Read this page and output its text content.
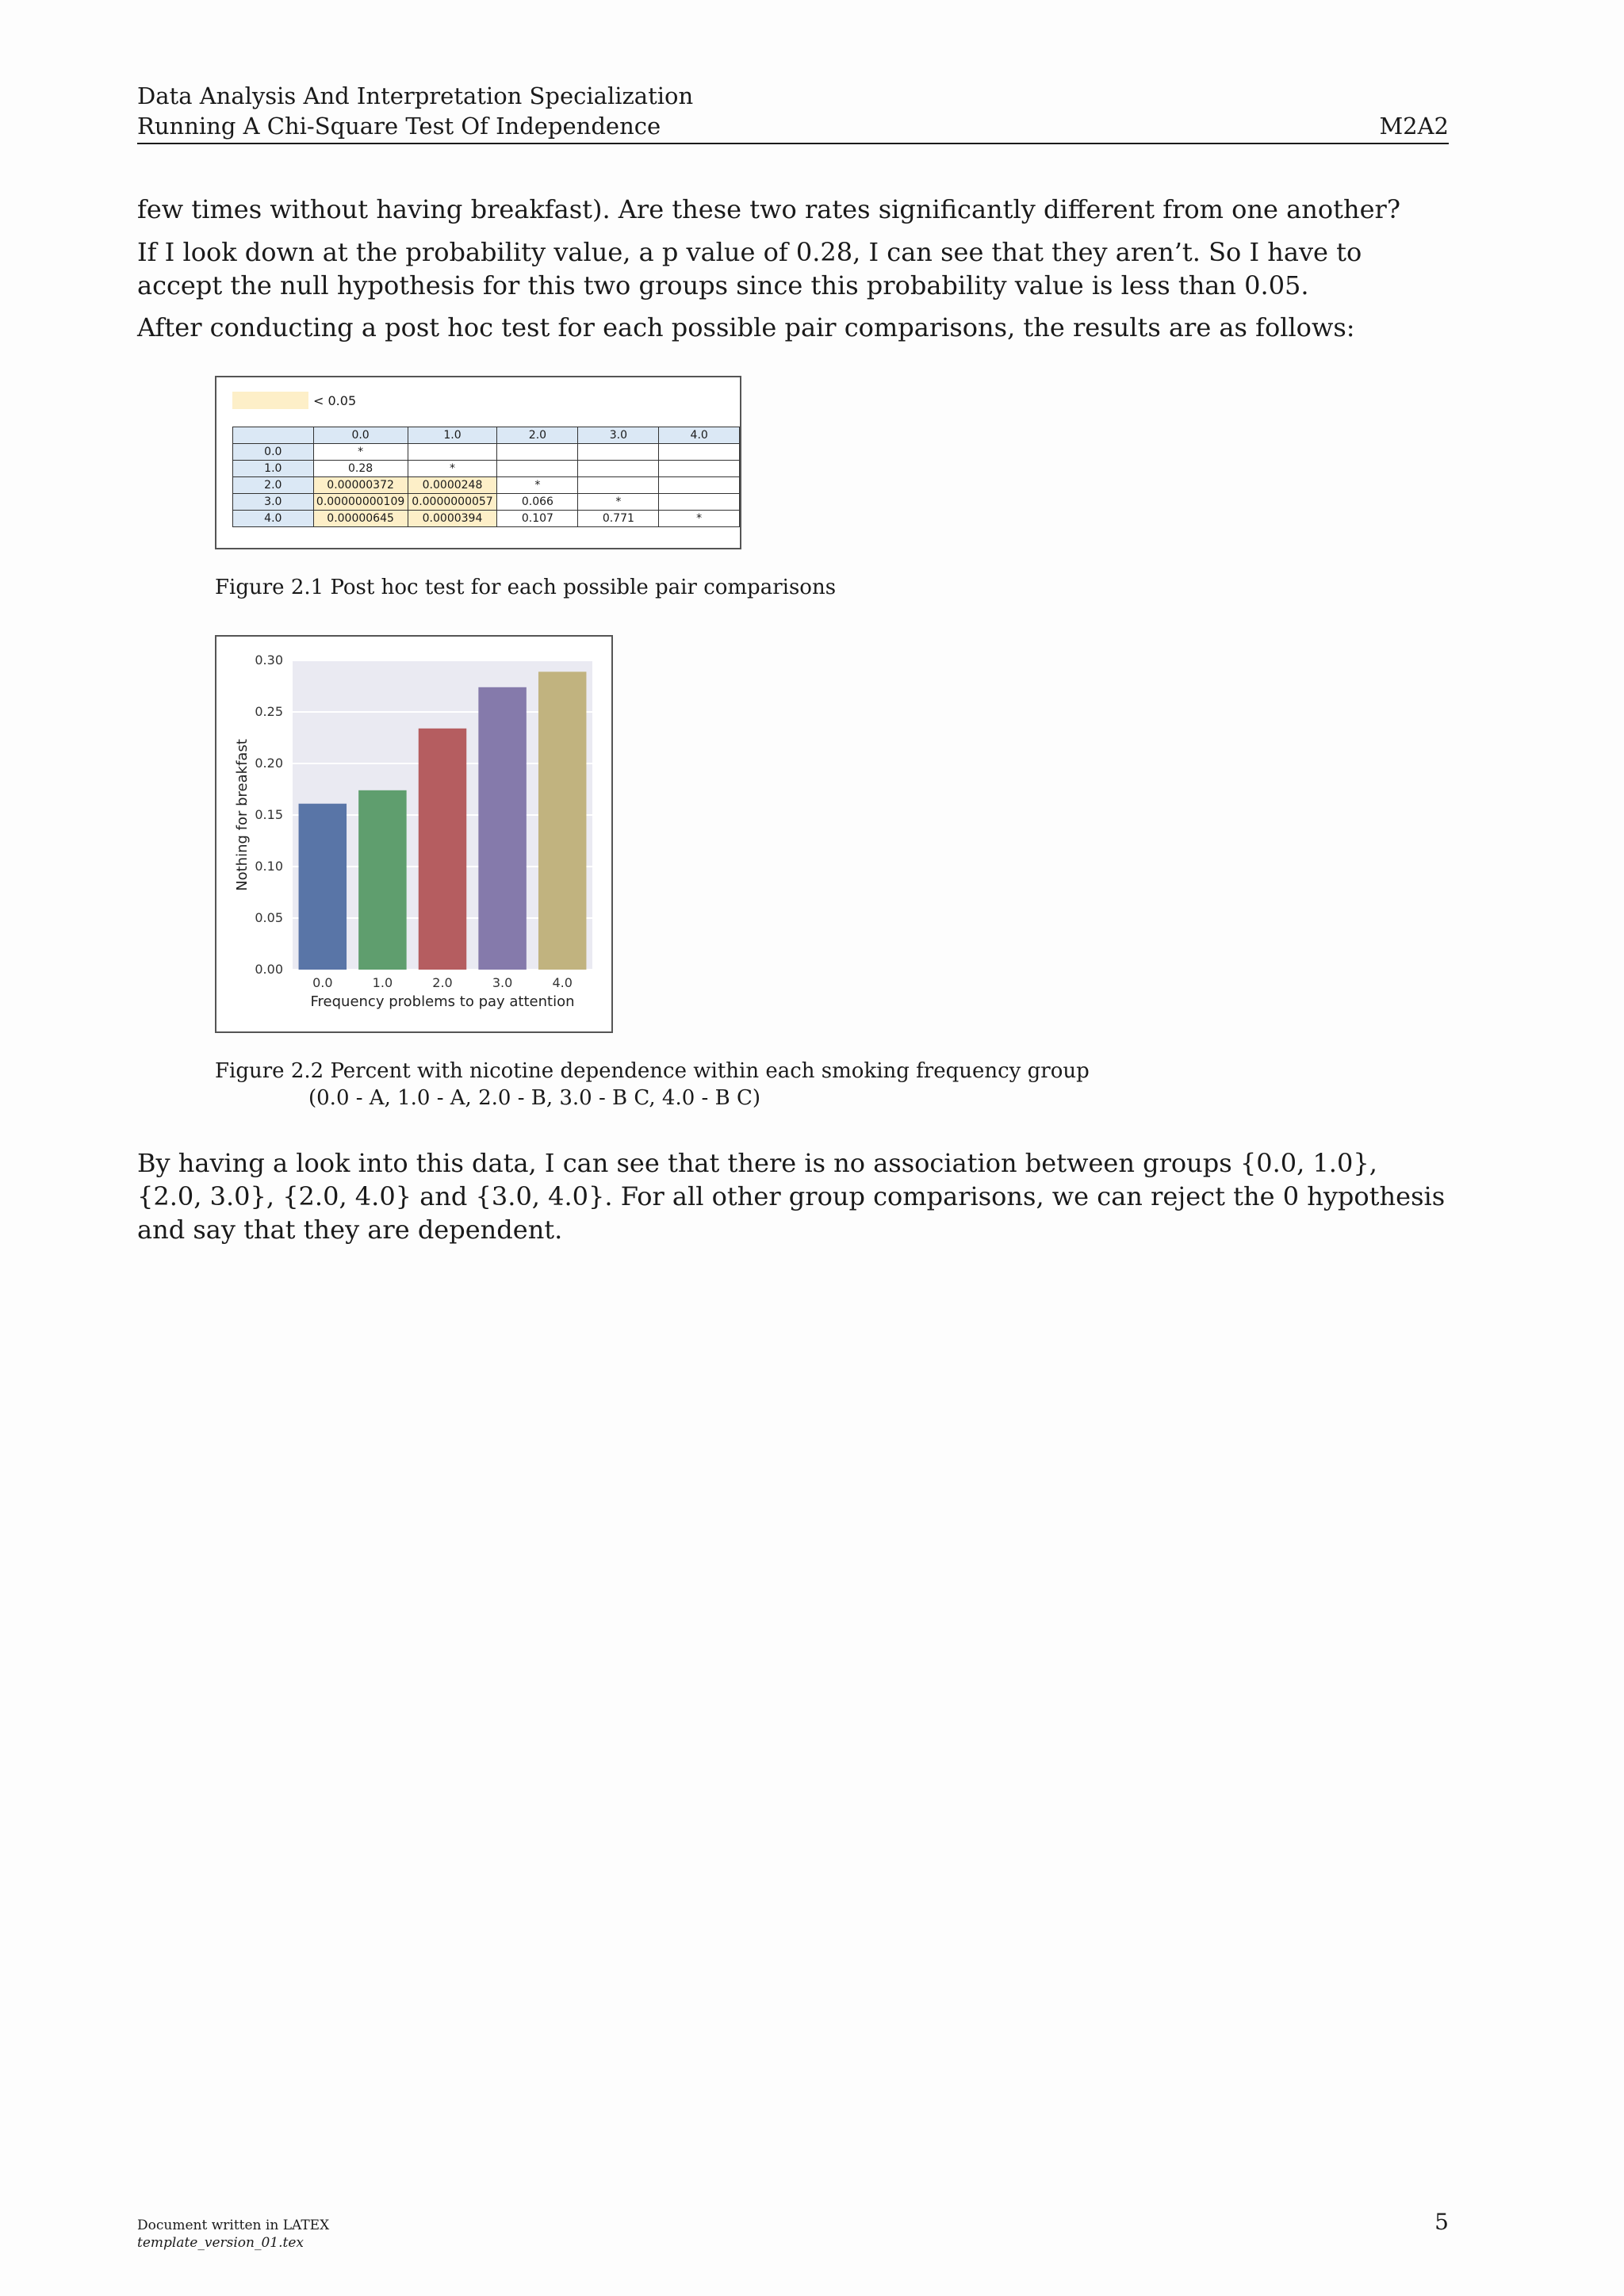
Data Analysis And Interpretation Specialization
Running A Chi-Square Test Of Independence	M2A2

few times without having breakfast). Are these two rates significantly different from one another?

If I look down at the probability value, a p value of 0.28, I can see that they aren’t. So I have to accept the null hypothesis for this two groups since this probability value is less than 0.05.

After conducting a post hoc test for each possible pair comparisons, the results are as follows:

< 0.05
	0.0	1.0	2.0	3.0	4.0
0.0	*				
1.0	0.28	*			
2.0	0.00000372	0.0000248	*		
3.0	0.00000000109	0.0000000057	0.066	*	
4.0	0.00000645	0.0000394	0.107	0.771	*
Figure 2.1 Post hoc test for each possible pair comparisons
0.00
0.05
0.10
0.15
0.20
0.25
0.30
0.0	1.0	2.0	3.0	4.0
Frequency problems to pay attention
Nothing for breakfast
Figure 2.2 Percent with nicotine dependence within each smoking frequency group
(0.0 - A, 1.0 - A, 2.0 - B, 3.0 - B C, 4.0 - B C)

By having a look into this data, I can see that there is no association between groups {0.0, 1.0}, {2.0, 3.0}, {2.0, 4.0} and {3.0, 4.0}. For all other group comparisons, we can reject the 0 hypothesis and say that they are dependent.

Document written in LATEX
template_version_01.tex
5
